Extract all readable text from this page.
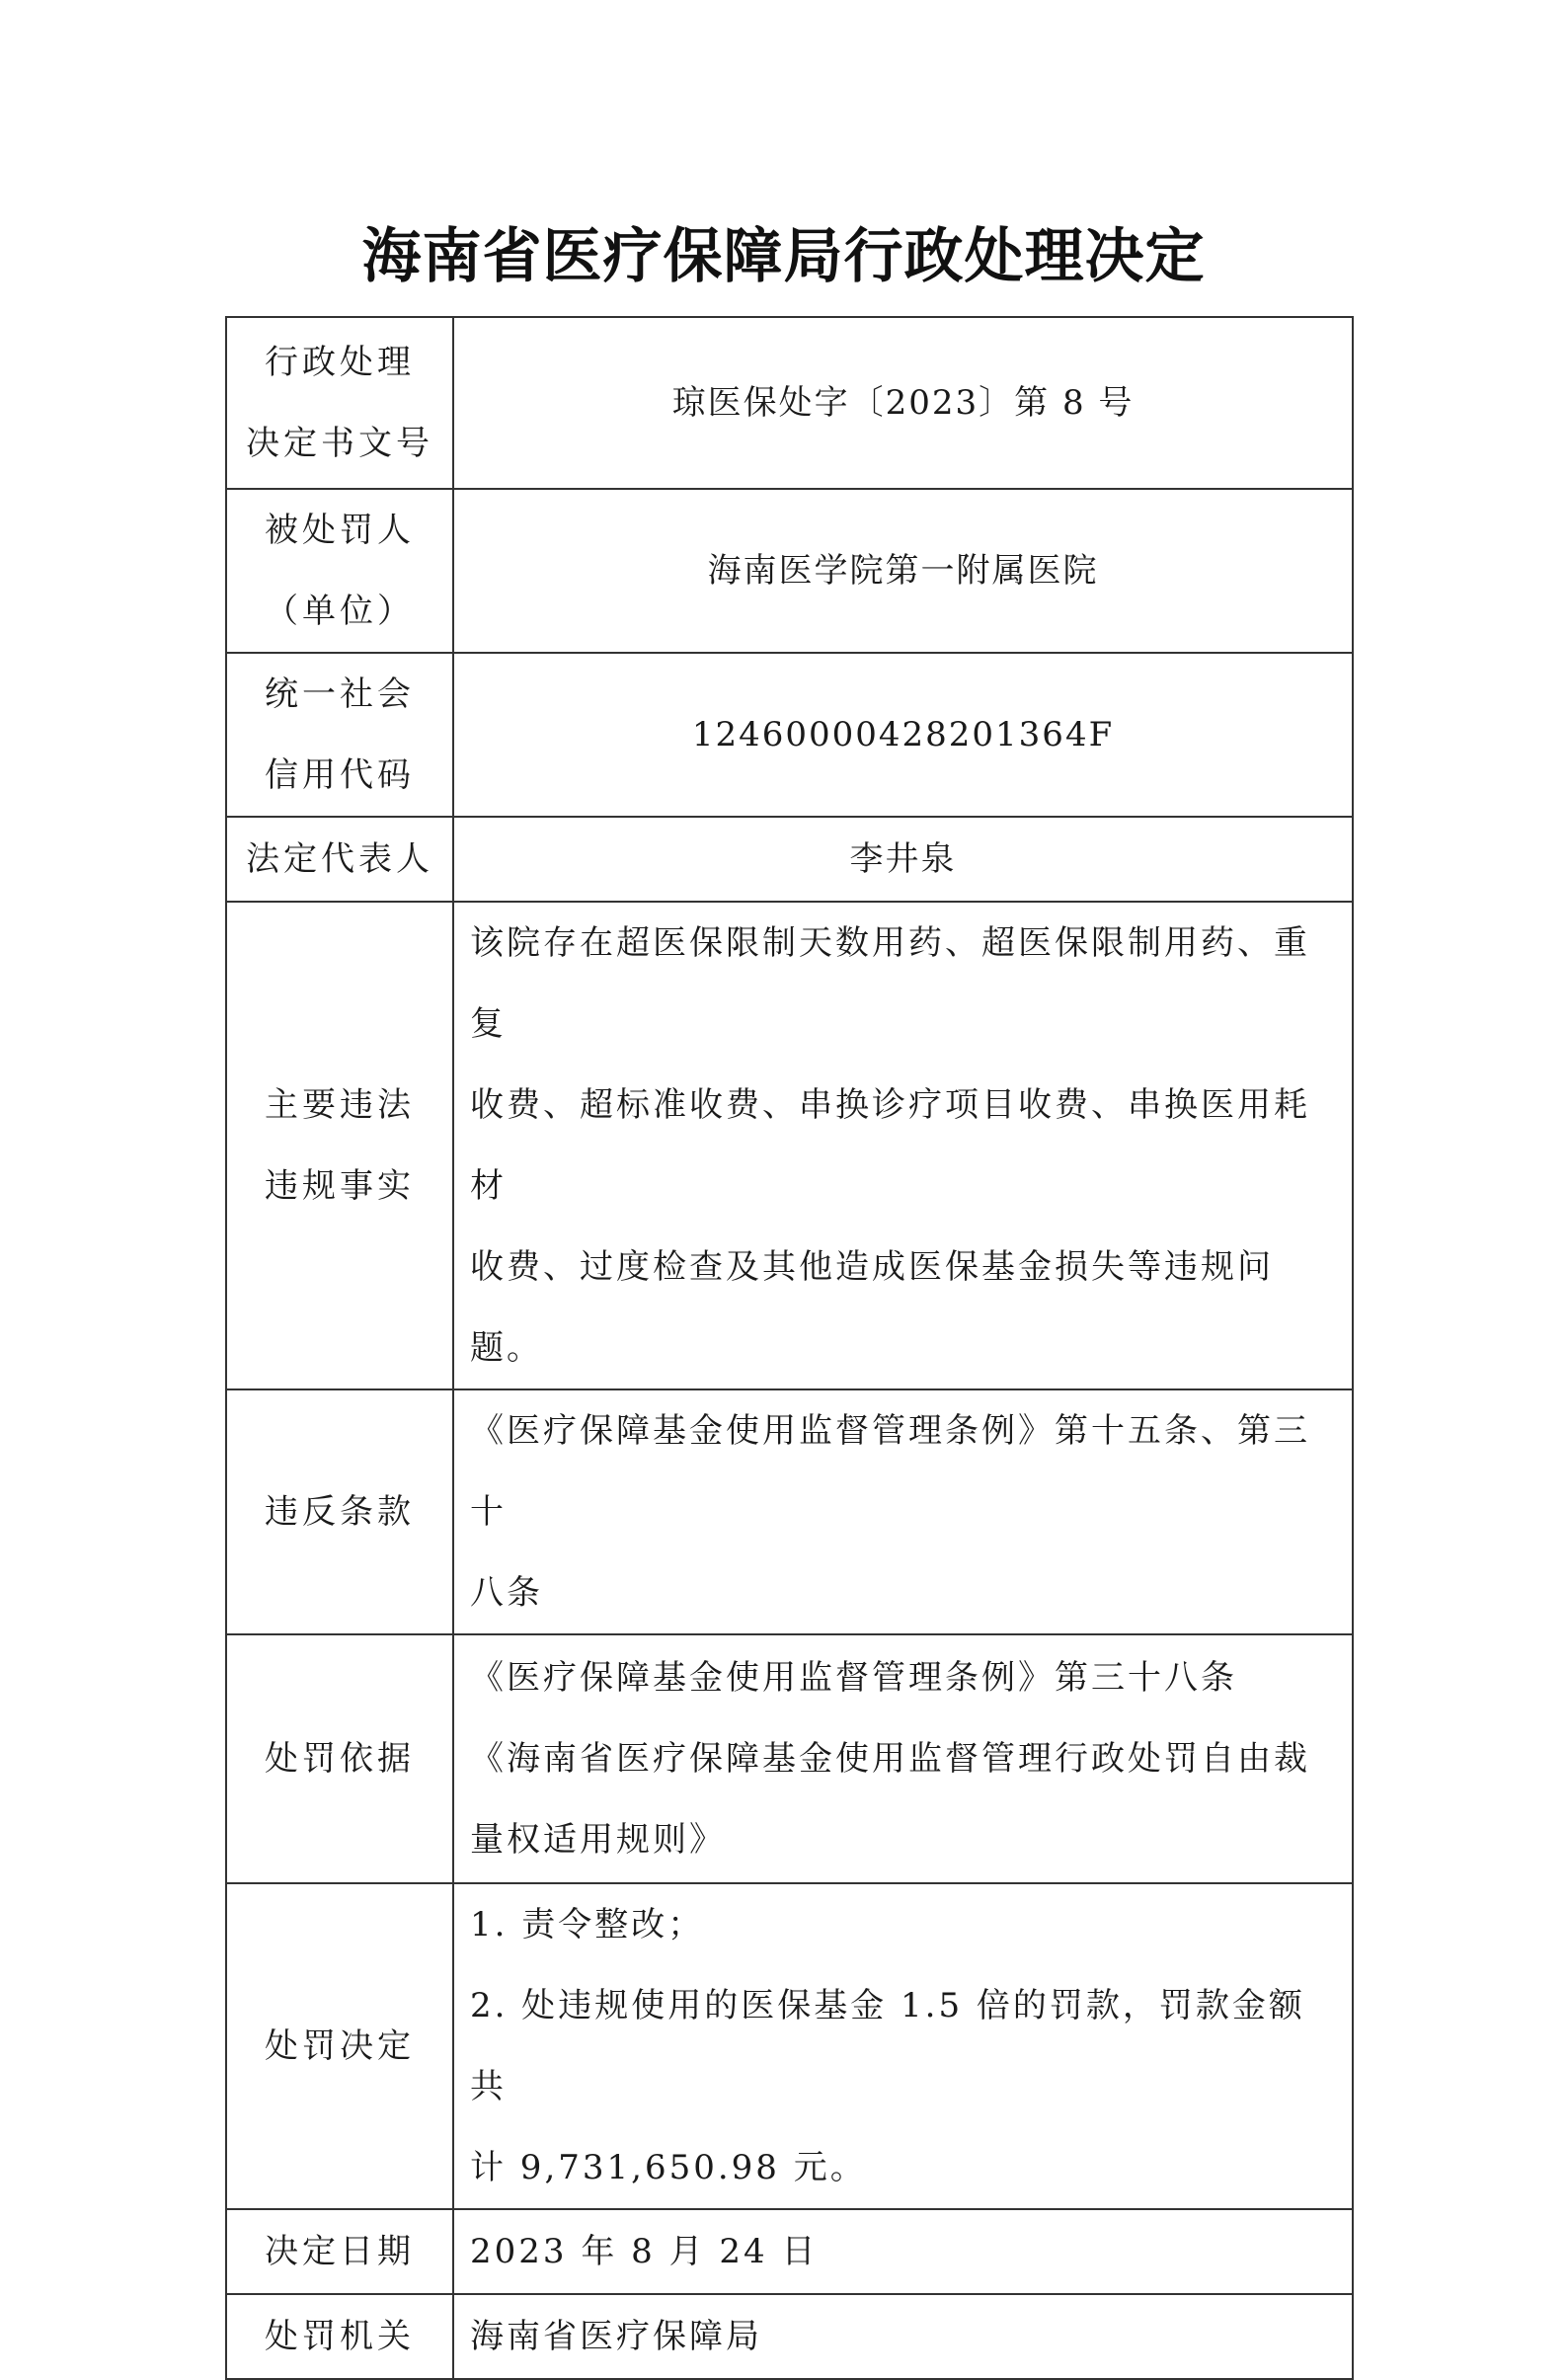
海南省医疗保障局行政处理决定
行政处理
决定书文号	琼医保处字〔2023〕第 8 号

被处罚人
（单位）	海南医学院第一附属医院

统一社会
信用代码	12460000428201364F
法定代表人	李井泉

主要违法
违规事实	该院存在超医保限制天数用药、超医保限制用药、重复
收费、超标准收费、串换诊疗项目收费、串换医用耗材
收费、过度检查及其他造成医保基金损失等违规问题。

违反条款	《医疗保障基金使用监督管理条例》第十五条、第三十
八条

处罚依据	《医疗保障基金使用监督管理条例》第三十八条
《海南省医疗保障基金使用监督管理行政处罚自由裁
量权适用规则》

处罚决定	1. 责令整改；
2. 处违规使用的医保基金 1.5 倍的罚款，罚款金额共
计 9,731,650.98 元。

决定日期	2023 年 8 月 24 日
处罚机关	海南省医疗保障局
